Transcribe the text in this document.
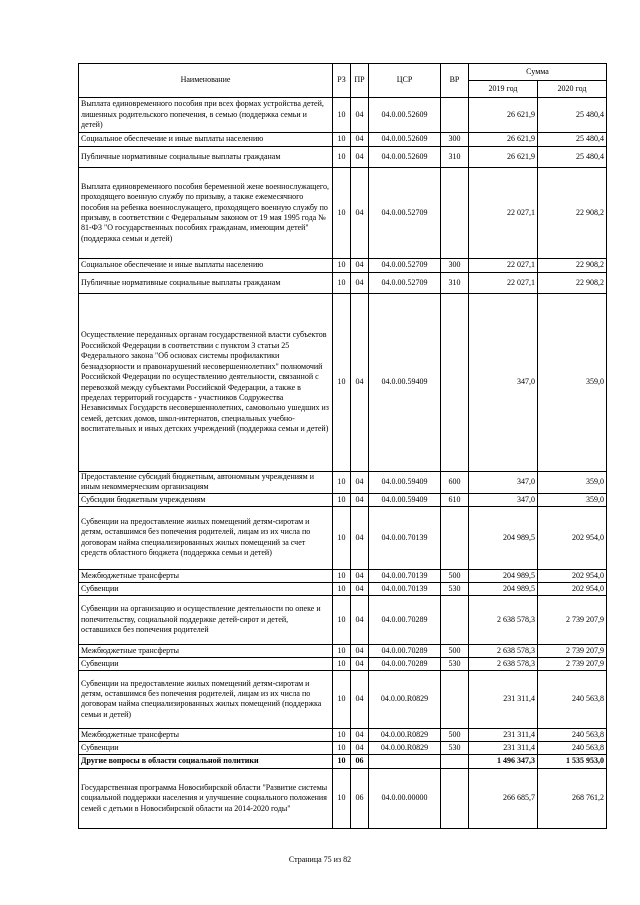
Наименование	РЗ	ПР	ЦСР	ВР	Сумма	
					2019 год	2020 год
Выплата единовременного пособия при всех формах устройства детей, лишенных родительского попечения, в семью (поддержка семьи и детей)	10	04	04.0.00.52609		26 621,9	25 480,4
Социальное обеспечение и иные выплаты населению	10	04	04.0.00.52609	300	26 621,9	25 480,4
Публичные нормативные социальные выплаты гражданам	10	04	04.0.00.52609	310	26 621,9	25 480,4
Выплата единовременного пособия беременной жене военнослужащего, проходящего военную службу по призыву, а также ежемесячного пособия на ребенка военнослужащего, проходящего военную службу по призыву, в соответствии с Федеральным законом от 19 мая 1995 года № 81-ФЗ "О государственных пособиях гражданам, имеющим детей" (поддержка семьи и детей)	10	04	04.0.00.52709		22 027,1	22 908,2
Социальное обеспечение и иные выплаты населению	10	04	04.0.00.52709	300	22 027,1	22 908,2
Публичные нормативные социальные выплаты гражданам	10	04	04.0.00.52709	310	22 027,1	22 908,2
Осуществление переданных органам государственной власти субъектов Российской Федерации в соответствии с пунктом 3 статьи 25 Федерального закона "Об основах системы профилактики безнадзорности и правонарушений несовершеннолетних" полномочий Российской Федерации по осуществлению деятельности, связанной с перевозкой между субъектами Российской Федерации, а также в пределах территорий государств - участников Содружества Независимых Государств несовершеннолетних, самовольно ушедших из семей, детских домов, школ-интернатов, специальных учебно-воспитательных и иных детских учреждений (поддержка семьи и детей)	10	04	04.0.00.59409		347,0	359,0
Предоставление субсидий бюджетным, автономным учреждениям и иным некоммерческим организациям	10	04	04.0.00.59409	600	347,0	359,0
Субсидии бюджетным учреждениям	10	04	04.0.00.59409	610	347,0	359,0
Субвенции на предоставление жилых помещений детям-сиротам и детям, оставшимся без попечения родителей, лицам из их числа по договорам найма специализированных жилых помещений за счет средств областного бюджета (поддержка семьи и детей)	10	04	04.0.00.70139		204 989,5	202 954,0
Межбюджетные трансферты	10	04	04.0.00.70139	500	204 989,5	202 954,0
Субвенции	10	04	04.0.00.70139	530	204 989,5	202 954,0
Субвенции на организацию и осуществление деятельности по опеке и попечительству, социальной поддержке детей-сирот и детей, оставшихся без попечения родителей	10	04	04.0.00.70289		2 638 578,3	2 739 207,9
Межбюджетные трансферты	10	04	04.0.00.70289	500	2 638 578,3	2 739 207,9
Субвенции	10	04	04.0.00.70289	530	2 638 578,3	2 739 207,9
Субвенции на предоставление жилых помещений детям-сиротам и детям, оставшимся без попечения родителей, лицам из их числа по договорам найма специализированных жилых помещений (поддержка семьи и детей)	10	04	04.0.00.R0829		231 311,4	240 563,8
Межбюджетные трансферты	10	04	04.0.00.R0829	500	231 311,4	240 563,8
Субвенции	10	04	04.0.00.R0829	530	231 311,4	240 563,8
Другие вопросы в области социальной политики	10	06			1 496 347,3	1 535 953,0
Государственная программа Новосибирской области "Развитие системы социальной поддержки населения и улучшение социального положения семей с детьми в Новосибирской области на 2014-2020 годы"	10	06	04.0.00.00000		266 685,7	268 761,2
Страница 75 из 82
